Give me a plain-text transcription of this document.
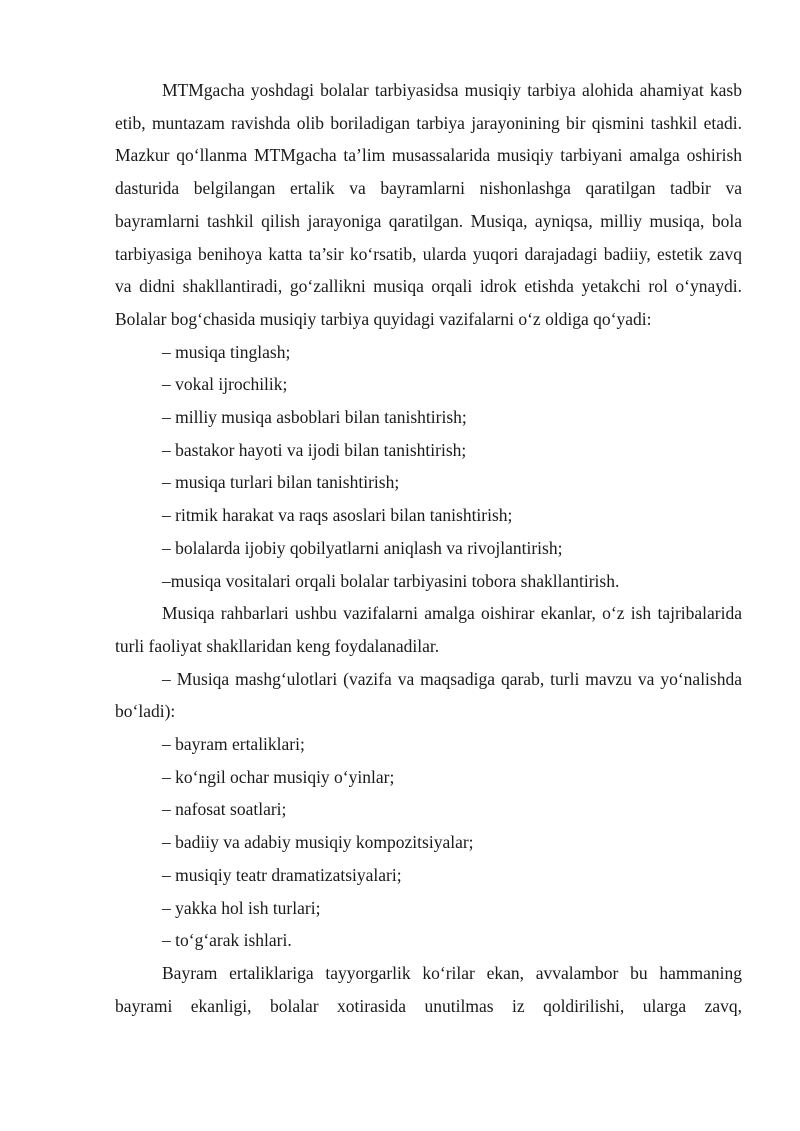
MTMgacha yoshdagi bolalar tarbiyasidsa musiqiy tarbiya alohida ahamiyat kasb etib, muntazam ravishda olib boriladigan tarbiya jarayonining bir qismini tashkil etadi. Mazkur qo‘llanma MTMgacha ta’lim musassalarida musiqiy tarbiyani amalga oshirish dasturida belgilangan ertalik va bayramlarni nishonlashga qaratilgan tadbir va bayramlarni tashkil qilish jarayoniga qaratilgan. Musiqa, ayniqsa, milliy musiqa, bola tarbiyasiga benihoya katta ta’sir ko‘rsatib, ularda yuqori darajadagi badiiy, estetik zavq va didni shakllantiradi, go‘zallikni musiqa orqali idrok etishda yetakchi rol o‘ynaydi. Bolalar bog‘chasida musiqiy tarbiya quyidagi vazifalarni o‘z oldiga qo‘yadi:

– musiqa tinglash;
– vokal ijrochilik;
– milliy musiqa asboblari bilan tanishtirish;
– bastakor hayoti va ijodi bilan tanishtirish;
– musiqa turlari bilan tanishtirish;
– ritmik harakat va raqs asoslari bilan tanishtirish;
– bolalarda ijobiy qobilyatlarni aniqlash va rivojlantirish;
–musiqa vositalari orqali bolalar tarbiyasini tobora shakllantirish.

Musiqa rahbarlari ushbu vazifalarni amalga oishirar ekanlar, o‘z ish tajribalarida turli faoliyat shakllaridan keng foydalanadilar.

– Musiqa mashg‘ulotlari (vazifa va maqsadiga qarab, turli mavzu va yo‘nalishda bo‘ladi):

– bayram ertaliklari;
– ko‘ngil ochar musiqiy o‘yinlar;
– nafosat soatlari;
– badiiy va adabiy musiqiy kompozitsiyalar;
– musiqiy teatr dramatizatsiyalari;
– yakka hol ish turlari;
– to‘g‘arak ishlari.

Bayram ertaliklariga tayyorgarlik ko‘rilar ekan, avvalambor bu hammaning bayrami ekanligi, bolalar xotirasida unutilmas iz qoldirilishi, ularga zavq,
